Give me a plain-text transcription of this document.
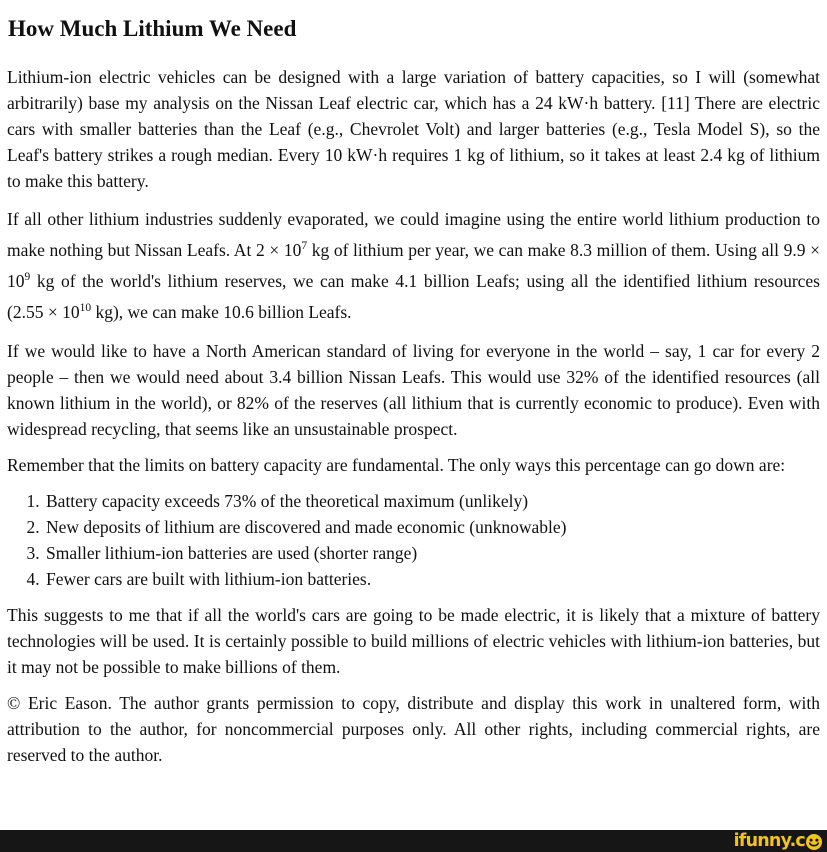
How Much Lithium We Need

Lithium-ion electric vehicles can be designed with a large variation of battery capacities, so I will (somewhat arbitrarily) base my analysis on the Nissan Leaf electric car, which has a 24 kW·h battery. [11] There are electric cars with smaller batteries than the Leaf (e.g., Chevrolet Volt) and larger batteries (e.g., Tesla Model S), so the Leaf's battery strikes a rough median. Every 10 kW·h requires 1 kg of lithium, so it takes at least 2.4 kg of lithium to make this battery.

If all other lithium industries suddenly evaporated, we could imagine using the entire world lithium production to make nothing but Nissan Leafs. At $2 \times 10^7$ kg of lithium per year, we can make 8.3 million of them. Using all $9.9 \times 10^9$ kg of the world's lithium reserves, we can make 4.1 billion Leafs; using all the identified lithium resources ($2.55 \times 10^{10}$ kg), we can make 10.6 billion Leafs.

If we would like to have a North American standard of living for everyone in the world – say, 1 car for every 2 people – then we would need about 3.4 billion Nissan Leafs. This would use 32% of the identified resources (all known lithium in the world), or 82% of the reserves (all lithium that is currently economic to produce). Even with widespread recycling, that seems like an unsustainable prospect.

Remember that the limits on battery capacity are fundamental. The only ways this percentage can go down are:

1. Battery capacity exceeds 73% of the theoretical maximum (unlikely)
2. New deposits of lithium are discovered and made economic (unknowable)
3. Smaller lithium-ion batteries are used (shorter range)
4. Fewer cars are built with lithium-ion batteries.

This suggests to me that if all the world's cars are going to be made electric, it is likely that a mixture of battery technologies will be used. It is certainly possible to build millions of electric vehicles with lithium-ion batteries, but it may not be possible to make billions of them.

© Eric Eason. The author grants permission to copy, distribute and display this work in unaltered form, with attribution to the author, for noncommercial purposes only. All other rights, including commercial rights, are reserved to the author.

ifunny.c
